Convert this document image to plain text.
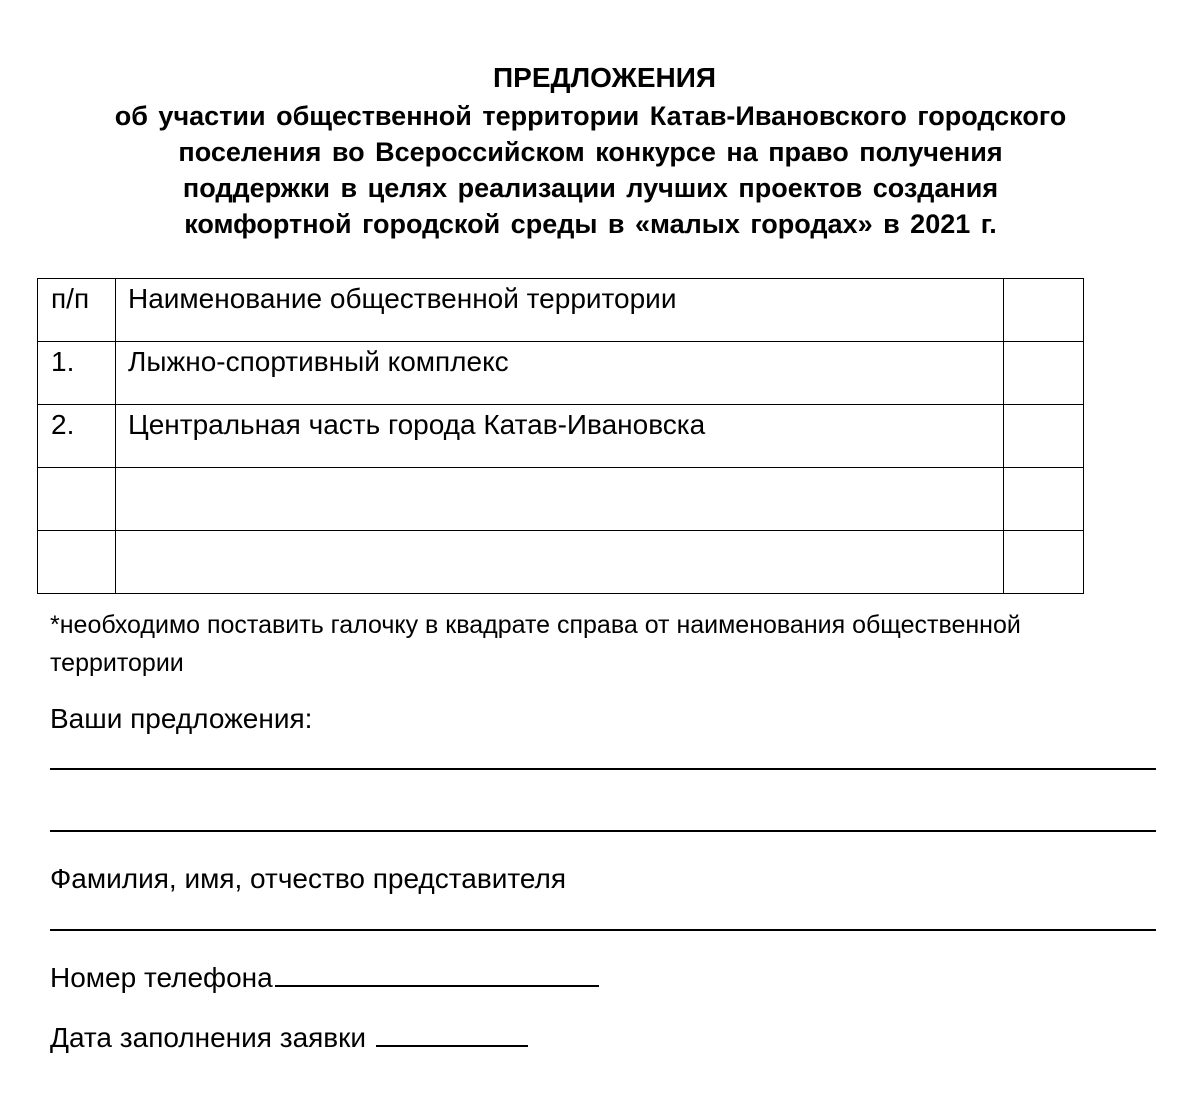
ПРЕДЛОЖЕНИЯ
об участии общественной территории Катав-Ивановского городского
поселения во Всероссийском конкурсе на право получения
поддержки в целях реализации лучших проектов создания
комфортной городской среды в «малых городах» в 2021 г.
п/п	Наименование общественной территории	
1.	Лыжно-спортивный комплекс	
2.	Центральная часть города Катав-Ивановска	

*необходимо поставить галочку в квадрате справа от наименования общественной территории
Ваши предложения:
Фамилия, имя, отчество представителя
Номер телефона
Дата заполнения заявки
